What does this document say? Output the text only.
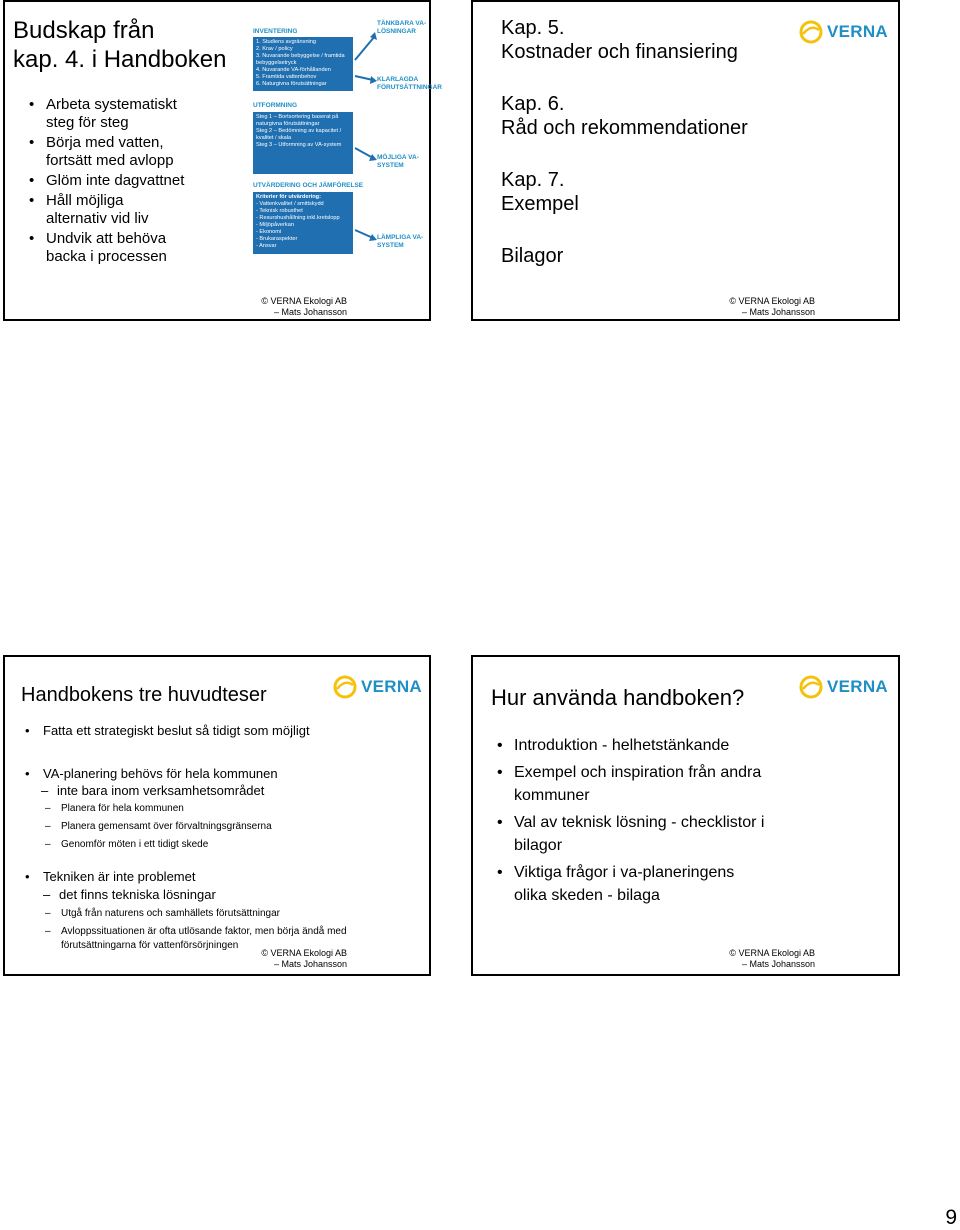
Budskap från
kap. 4. i Handboken
• Arbeta systematiskt
steg för steg
• Börja med vatten,
fortsätt med avlopp
• Glöm inte dagvattnet
• Håll möjliga
alternativ vid liv
• Undvik att behöva
backa i processen
INVENTERING
1. Studiens avgränsning
2. Krav / policy
3. Nuvarande bebyggelse / framtida bebyggelsetryck
4. Nuvarande VA-förhållanden
5. Framtida vattenbehov
6. Naturgivna förutsättningar
UTFORMNING
Steg 1 – Bortsortering baserat på naturgivna förutsättningar
Steg 2 – Bedömning av kapacitet / kvalitet / skala
Steg 3 – Utformning av VA-system
UTVÄRDERING OCH JÄMFÖRELSE
Kriterier för utvärdering:
- Vattenkvalitet / smittskydd
- Teknisk robusthet
- Resurshushållning inkl.kretslopp
- Miljöpåverkan
- Ekonomi
- Brukaraspekter
- Ansvar
TÄNKBARA VA-LÖSNINGAR
KLARLAGDA FÖRUTSÄTTNINGAR
MÖJLIGA VA-SYSTEM
LÄMPLIGA VA-SYSTEM
© VERNA Ekologi AB
– Mats Johansson
VERNA
Kap. 5.
Kostnader och finansiering
Kap. 6.
Råd och rekommendationer
Kap. 7.
Exempel
Bilagor
© VERNA Ekologi AB
– Mats Johansson
Handbokens tre huvudteser	VERNA
• Fatta ett strategiskt beslut så tidigt som möjligt
• VA-planering behövs för hela kommunen
– inte bara inom verksamhetsområdet
– Planera för hela kommunen
– Planera gemensamt över förvaltningsgränserna
– Genomför möten i ett tidigt skede
• Tekniken är inte problemet
– det finns tekniska lösningar
– Utgå från naturens och samhällets förutsättningar
– Avloppssituationen är ofta utlösande faktor, men börja ändå med
förutsättningarna för vattenförsörjningen
© VERNA Ekologi AB
– Mats Johansson
Hur använda handboken?	VERNA
• Introduktion - helhetstänkande
• Exempel och inspiration från andra
kommuner
• Val av teknisk lösning - checklistor i
bilagor
• Viktiga frågor i va-planeringens
olika skeden - bilaga
© VERNA Ekologi AB
– Mats Johansson
9
